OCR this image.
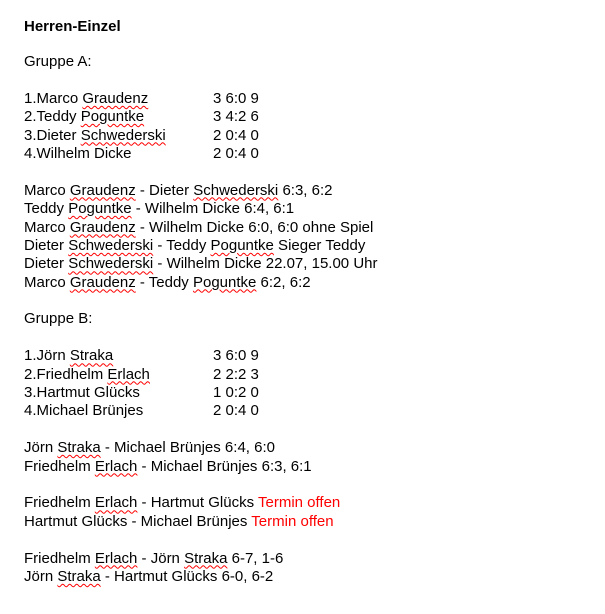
Herren-Einzel
Gruppe A:
1.Marco Graudenz	3 6:0 9
2.Teddy Poguntke	3 4:2 6
3.Dieter Schwederski	2 0:4 0
4.Wilhelm Dicke	2 0:4 0
Marco Graudenz - Dieter Schwederski 6:3, 6:2
Teddy Poguntke - Wilhelm Dicke 6:4, 6:1
Marco Graudenz - Wilhelm Dicke 6:0, 6:0 ohne Spiel
Dieter Schwederski - Teddy Poguntke Sieger Teddy
Dieter Schwederski - Wilhelm Dicke 22.07, 15.00 Uhr
Marco Graudenz - Teddy Poguntke 6:2, 6:2
Gruppe B:
1.Jörn Straka	3 6:0 9
2.Friedhelm Erlach	2 2:2 3
3.Hartmut Glücks	1 0:2 0
4.Michael Brünjes	2 0:4 0
Jörn Straka - Michael Brünjes 6:4, 6:0
Friedhelm Erlach - Michael Brünjes 6:3, 6:1
Friedhelm Erlach - Hartmut Glücks Termin offen
Hartmut Glücks - Michael Brünjes Termin offen
Friedhelm Erlach - Jörn Straka 6-7, 1-6
Jörn Straka - Hartmut Glücks 6-0, 6-2
